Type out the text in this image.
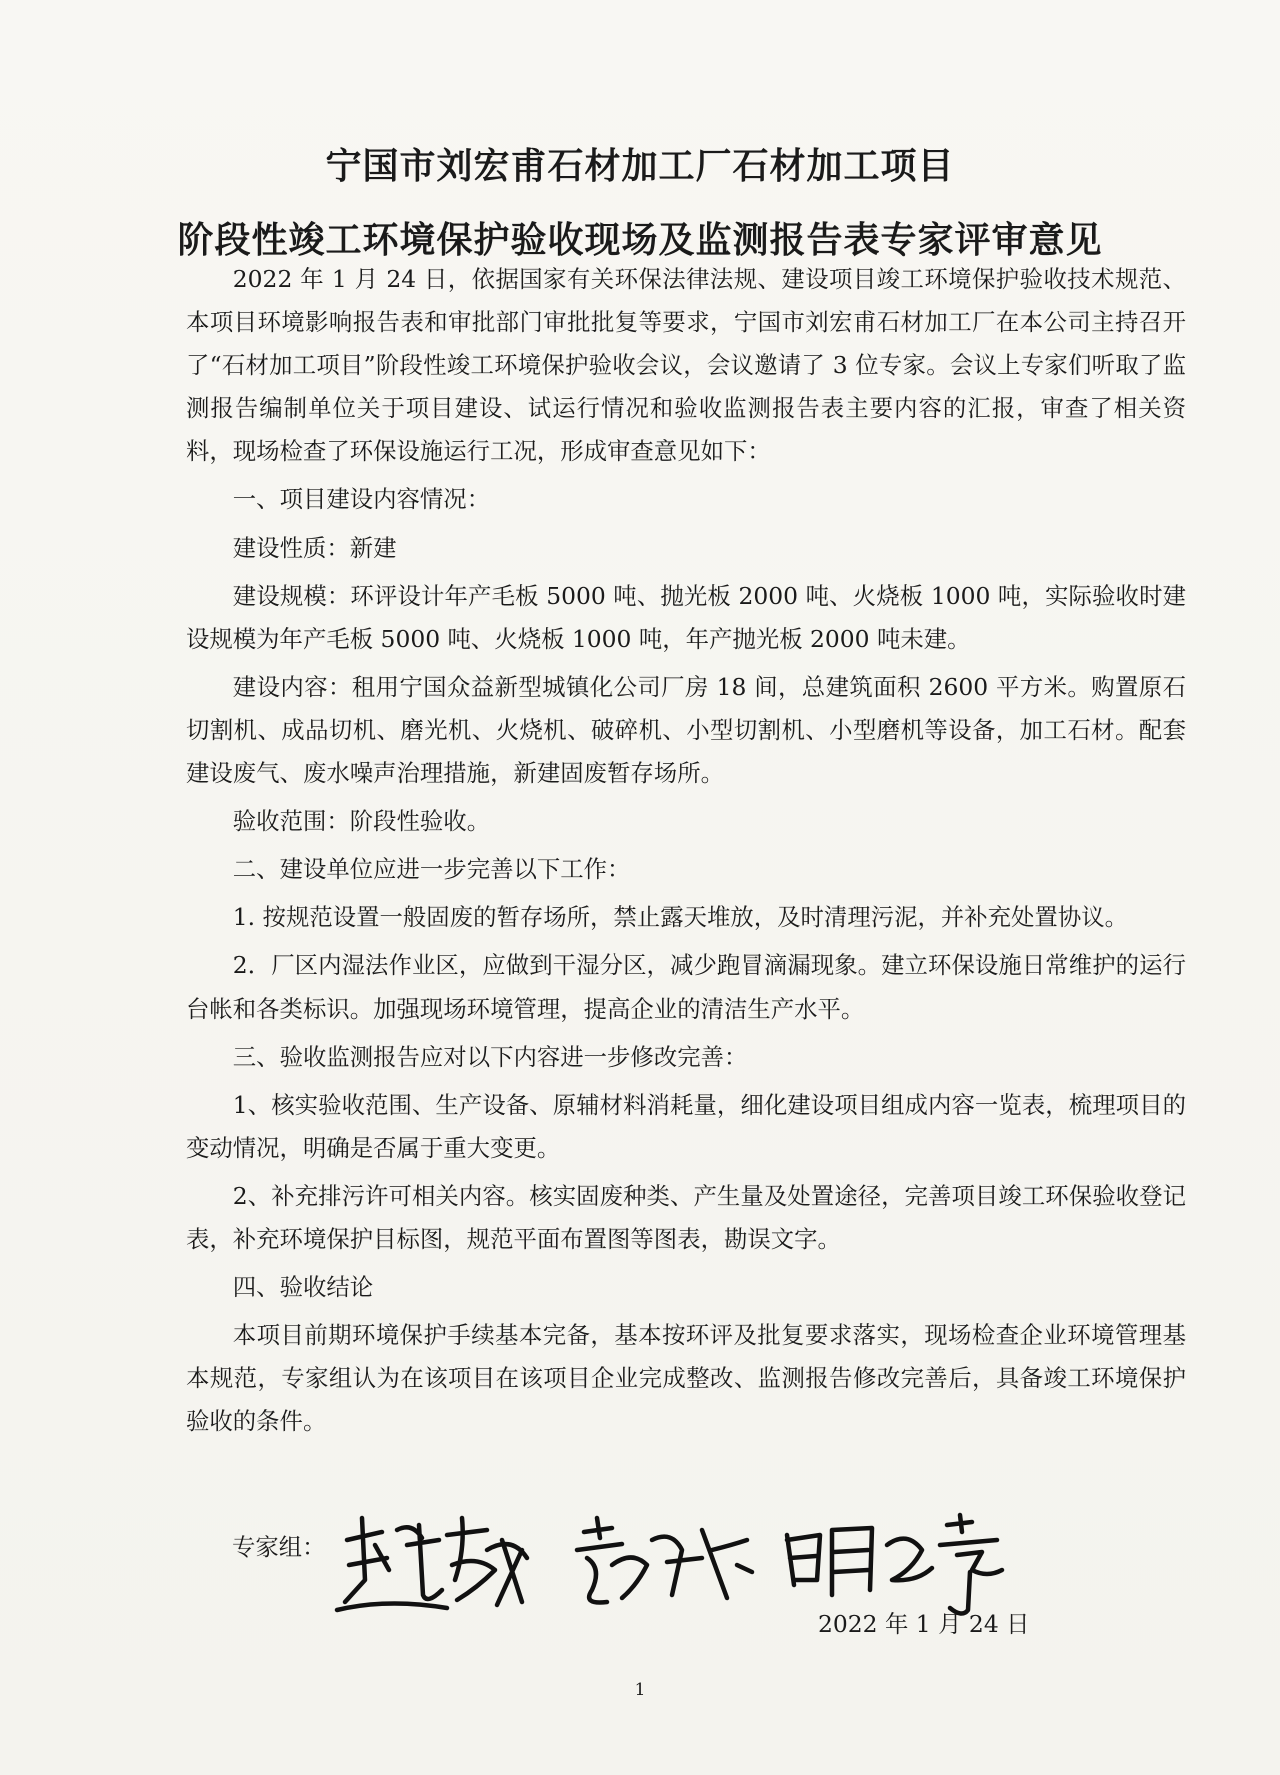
宁国市刘宏甫石材加工厂石材加工项目
阶段性竣工环境保护验收现场及监测报告表专家评审意见

2022 年 1 月 24 日，依据国家有关环保法律法规、建设项目竣工环境保护验收技术规范、本项目环境影响报告表和审批部门审批批复等要求，宁国市刘宏甫石材加工厂在本公司主持召开了“石材加工项目”阶段性竣工环境保护验收会议，会议邀请了 3 位专家。会议上专家们听取了监测报告编制单位关于项目建设、试运行情况和验收监测报告表主要内容的汇报，审查了相关资料，现场检查了环保设施运行工况，形成审查意见如下：

一、项目建设内容情况：

建设性质：新建

建设规模：环评设计年产毛板 5000 吨、抛光板 2000 吨、火烧板 1000 吨，实际验收时建设规模为年产毛板 5000 吨、火烧板 1000 吨，年产抛光板 2000 吨未建。

建设内容：租用宁国众益新型城镇化公司厂房 18 间，总建筑面积 2600 平方米。购置原石切割机、成品切机、磨光机、火烧机、破碎机、小型切割机、小型磨机等设备，加工石材。配套建设废气、废水噪声治理措施，新建固废暂存场所。

验收范围：阶段性验收。

二、建设单位应进一步完善以下工作：

1. 按规范设置一般固废的暂存场所，禁止露天堆放，及时清理污泥，并补充处置协议。

2．厂区内湿法作业区，应做到干湿分区，减少跑冒滴漏现象。建立环保设施日常维护的运行台帐和各类标识。加强现场环境管理，提高企业的清洁生产水平。

三、验收监测报告应对以下内容进一步修改完善：

1、核实验收范围、生产设备、原辅材料消耗量，细化建设项目组成内容一览表，梳理项目的变动情况，明确是否属于重大变更。

2、补充排污许可相关内容。核实固废种类、产生量及处置途径，完善项目竣工环保验收登记表，补充环境保护目标图，规范平面布置图等图表，勘误文字。

四、验收结论

本项目前期环境保护手续基本完备，基本按环评及批复要求落实，现场检查企业环境管理基本规范，专家组认为在该项目在该项目企业完成整改、监测报告修改完善后，具备竣工环境保护验收的条件。

专家组：
2022 年 1 月 24 日
1
